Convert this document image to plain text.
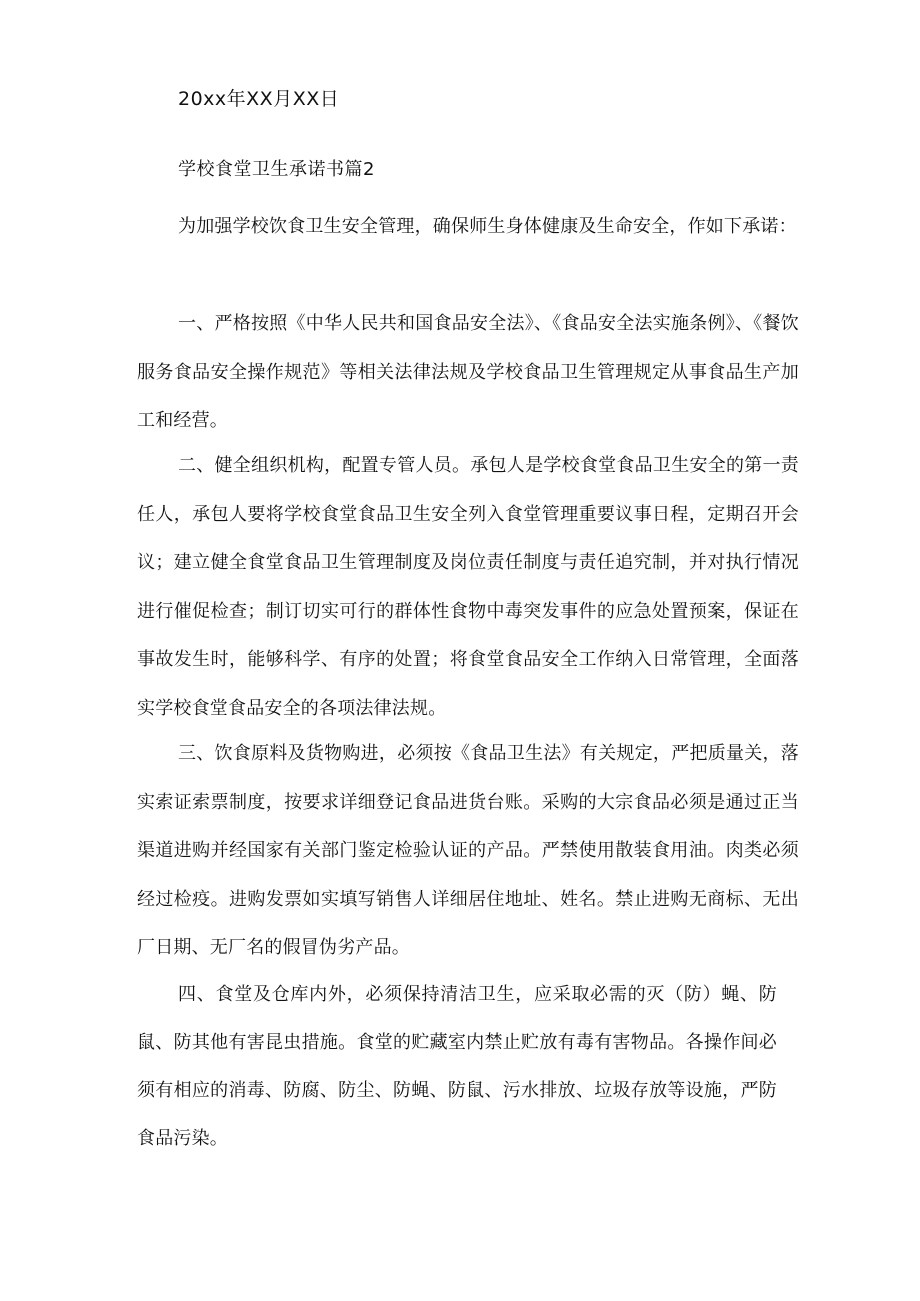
20xx年XX月XX日
学校食堂卫生承诺书篇2

为加强学校饮食卫生安全管理，确保师生身体健康及生命安全，作如下承诺：

一、严格按照《中华人民共和国食品安全法》、《食品安全法实施条例》、《餐饮服务食品安全操作规范》等相关法律法规及学校食品卫生管理规定从事食品生产加工和经营。

二、健全组织机构，配置专管人员。承包人是学校食堂食品卫生安全的第一责任人，承包人要将学校食堂食品卫生安全列入食堂管理重要议事日程，定期召开会议；建立健全食堂食品卫生管理制度及岗位责任制度与责任追究制，并对执行情况进行催促检查；制订切实可行的群体性食物中毒突发事件的应急处置预案，保证在事故发生时，能够科学、有序的处置；将食堂食品安全工作纳入日常管理，全面落实学校食堂食品安全的各项法律法规。

三、饮食原料及货物购进，必须按《食品卫生法》有关规定，严把质量关，落实索证索票制度，按要求详细登记食品进货台账。采购的大宗食品必须是通过正当渠道进购并经国家有关部门鉴定检验认证的产品。严禁使用散装食用油。肉类必须经过检疫。进购发票如实填写销售人详细居住地址、姓名。禁止进购无商标、无出厂日期、无厂名的假冒伪劣产品。

四、食堂及仓库内外，必须保持清洁卫生，应采取必需的灭（防）蝇、防鼠、防其他有害昆虫措施。食堂的贮藏室内禁止贮放有毒有害物品。各操作间必须有相应的消毒、防腐、防尘、防蝇、防鼠、污水排放、垃圾存放等设施，严防食品污染。
